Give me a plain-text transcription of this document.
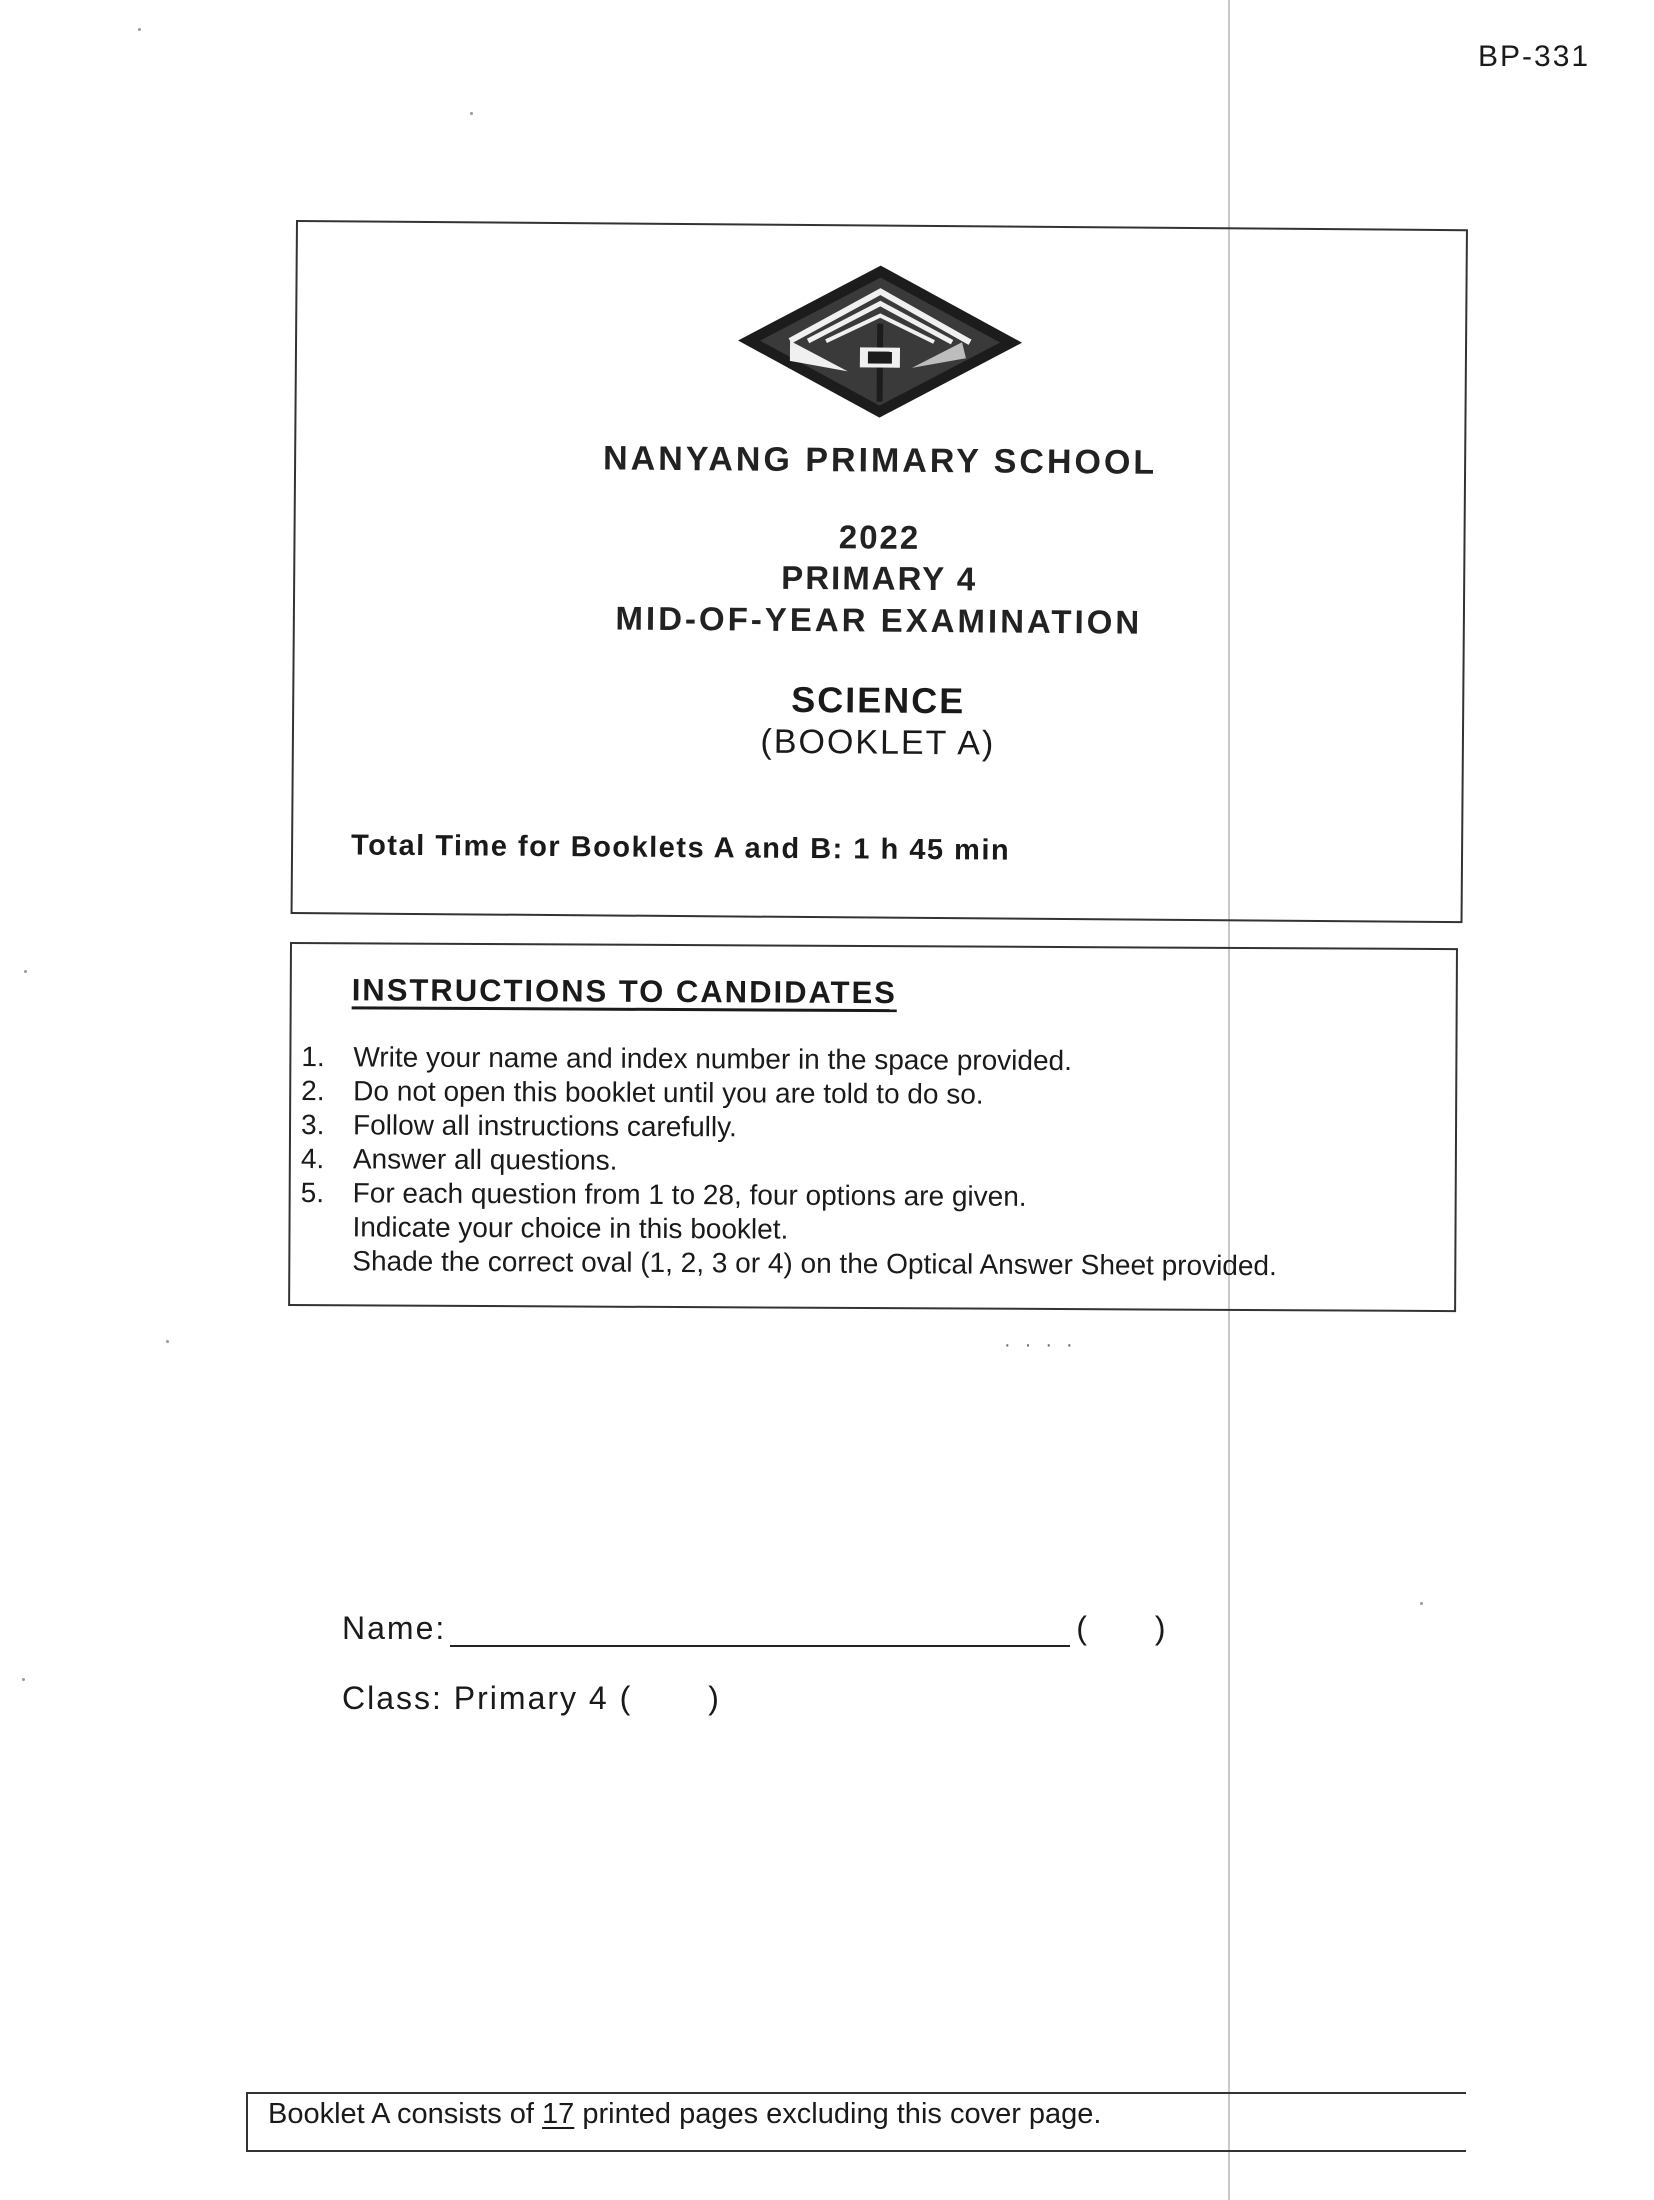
BP-331
NANYANG PRIMARY SCHOOL
2022
PRIMARY 4
MID-OF-YEAR EXAMINATION
SCIENCE
(BOOKLET A)
Total Time for Booklets A and B: 1 h 45 min
INSTRUCTIONS TO CANDIDATES
1.	Write your name and index number in the space provided.
2.	Do not open this booklet until you are told to do so.
3.	Follow all instructions carefully.
4.	Answer all questions.
5.	For each question from 1 to 28, four options are given.
Indicate your choice in this booklet.
Shade the correct oval (1, 2, 3 or 4) on the Optical Answer Sheet provided.
····
Name:	( )
Class: Primary 4 ( )
Booklet A consists of 17 printed pages excluding this cover page.
